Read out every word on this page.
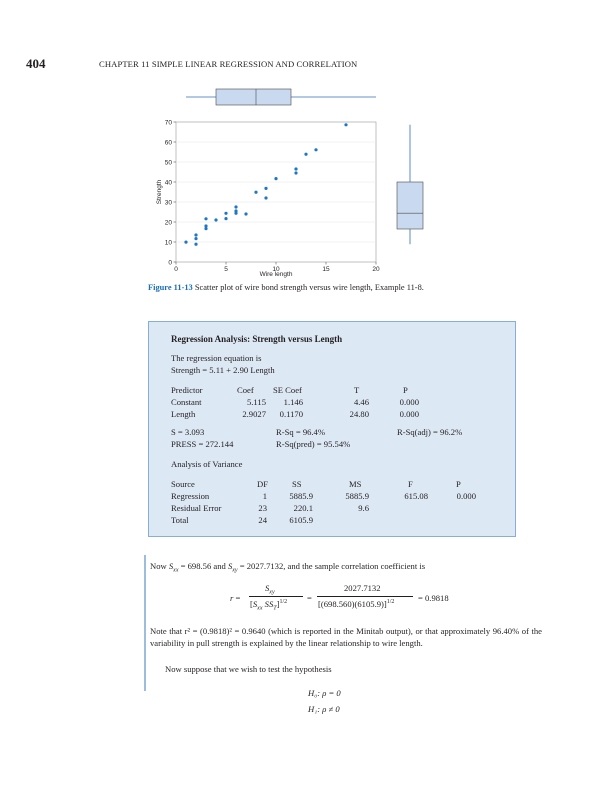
404	CHAPTER 11 SIMPLE LINEAR REGRESSION AND CORRELATION
0	5	10	15	20
0
10
20
30
40
50
60
70
Wire length
Strength
Figure 11-13 Scatter plot of wire bond strength versus wire length, Example 11-8.
Regression Analysis: Strength versus Length
The regression equation is
Strength = 5.11 + 2.90 Length
Predictor	Coef SE Coef	T	P
Constant	5.115	1.146	4.46	0.000
Length	2.9027	0.1170	24.80	0.000
S = 3.093	R-Sq = 96.4%	R-Sq(adj) = 96.2%
PRESS = 272.144	R-Sq(pred) = 95.54%
Analysis of Variance
Source	DF	SS	MS	F	P
Regression	1	5885.9	5885.9	615.08	0.000
Residual Error	23	220.1	9.6
Total	24	6105.9
Now $S_{xx} = 698.56$ and $S_{xy} = 2027.7132$, and the sample correlation coefficient is
r =
$S_{xy}$
[$S_{xx}$ $SS_T]^{1/2}$ =
2027.7132
$[(698.560)(6105.9)]^{1/2}$	= 0.9818
Note that r² = (0.9818)² = 0.9640 (which is reported in the Minitab output), or that approximately 96.40% of the variability in pull strength is explained by the linear relationship to wire length.
Now suppose that we wish to test the hypothesis
H₀: ρ = 0
H₁: ρ ≠ 0
